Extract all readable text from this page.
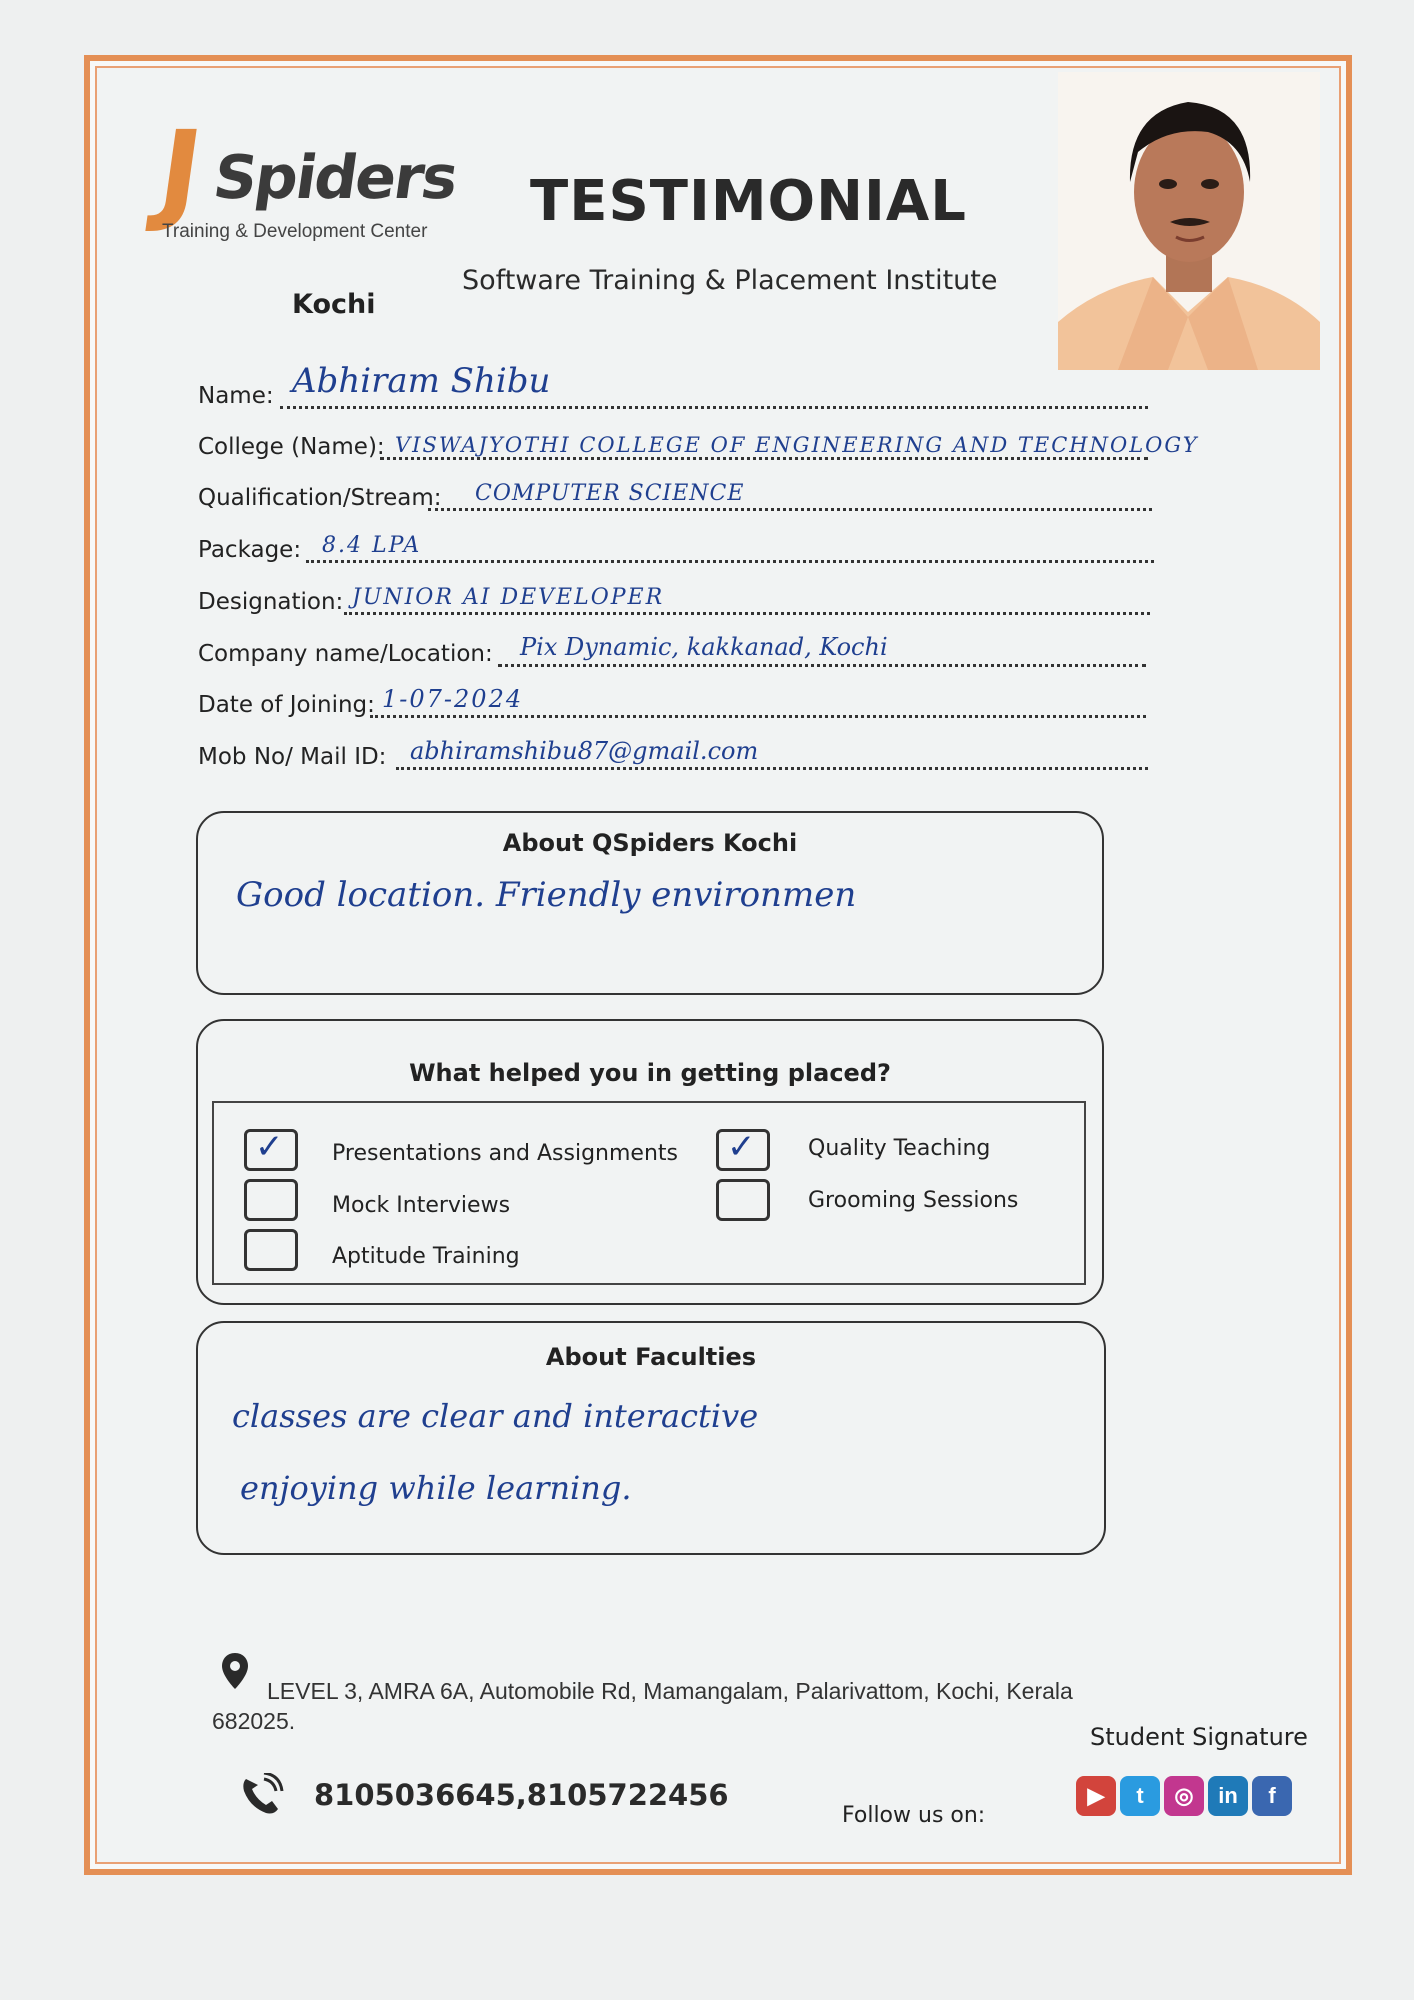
J Spiders
Training & Development Center
Kochi
TESTIMONIAL
Software Training & Placement Institute
Name: Abhiram Shibu
College (Name): VISWAJYOTHI COLLEGE OF ENGINEERING AND TECHNOLOGY
Qualification/Stream: COMPUTER SCIENCE
Package: 8.4 LPA
Designation: JUNIOR AI DEVELOPER
Company name/Location: Pix Dynamic, kakkanad, Kochi
Date of Joining: 1-07-2024
Mob No/ Mail ID: abhiramshibu87@gmail.com
About QSpiders Kochi
Good location. Friendly environmen
What helped you in getting placed?
✓ Presentations and Assignments
Mock Interviews
Aptitude Training
✓ Quality Teaching
Grooming Sessions
About Faculties
classes are clear and interactive
enjoying while learning.
LEVEL 3, AMRA 6A, Automobile Rd, Mamangalam, Palarivattom, Kochi, Kerala 682025.
8105036645,8105722456
Follow us on:
Student Signature
▶	t	◎	in	f
